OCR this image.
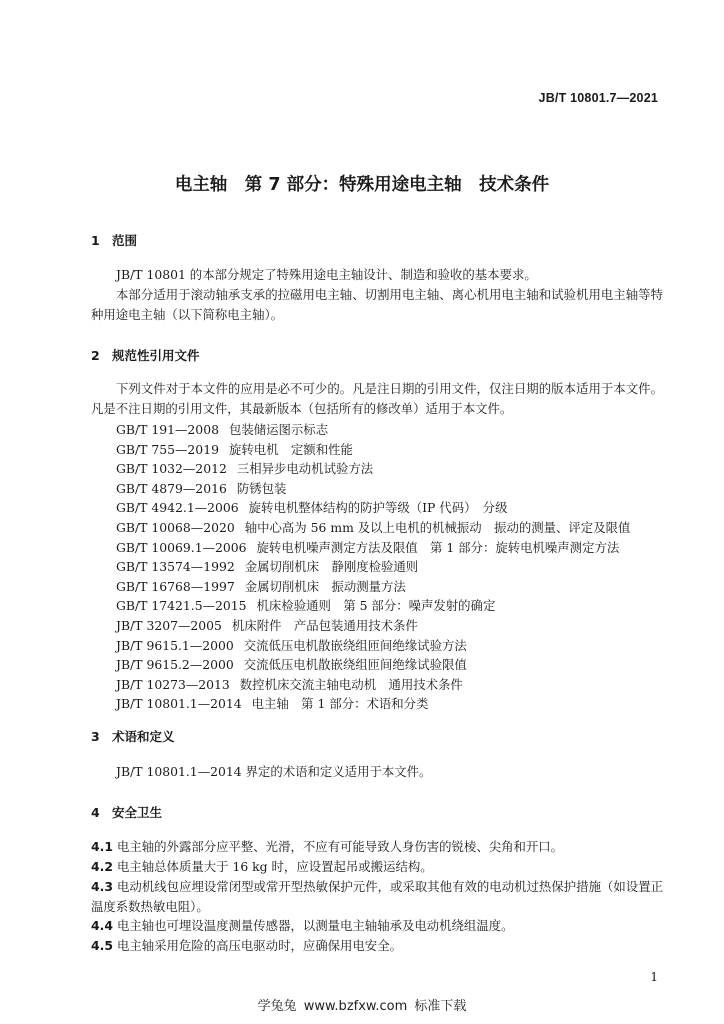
JB/T 10801.7—2021
电主轴　第 7 部分：特殊用途电主轴　技术条件
1 范围

JB/T 10801 的本部分规定了特殊用途电主轴设计、制造和验收的基本要求。

本部分适用于滚动轴承支承的拉磁用电主轴、切割用电主轴、离心机用电主轴和试验机用电主轴等特种用途电主轴（以下简称电主轴）。

2 规范性引用文件

下列文件对于本文件的应用是必不可少的。凡是注日期的引用文件，仅注日期的版本适用于本文件。凡是不注日期的引用文件，其最新版本（包括所有的修改单）适用于本文件。

GB/T 191—2008 包装储运图示标志
GB/T 755—2019 旋转电机　定额和性能
GB/T 1032—2012 三相异步电动机试验方法
GB/T 4879—2016 防锈包装
GB/T 4942.1—2006 旋转电机整体结构的防护等级（IP 代码）　分级
GB/T 10068—2020 轴中心高为 56 mm 及以上电机的机械振动　振动的测量、评定及限值
GB/T 10069.1—2006 旋转电机噪声测定方法及限值　第 1 部分：旋转电机噪声测定方法
GB/T 13574—1992 金属切削机床　静刚度检验通则
GB/T 16768—1997 金属切削机床　振动测量方法
GB/T 17421.5—2015 机床检验通则　第 5 部分：噪声发射的确定
JB/T 3207—2005 机床附件　产品包装通用技术条件
JB/T 9615.1—2000 交流低压电机散嵌绕组匝间绝缘试验方法
JB/T 9615.2—2000 交流低压电机散嵌绕组匝间绝缘试验限值
JB/T 10273—2013 数控机床交流主轴电动机　通用技术条件
JB/T 10801.1—2014 电主轴　第 1 部分：术语和分类
3 术语和定义

JB/T 10801.1—2014 界定的术语和定义适用于本文件。

4 安全卫生

4.1 电主轴的外露部分应平整、光滑，不应有可能导致人身伤害的锐棱、尖角和开口。

4.2 电主轴总体质量大于 16 kg 时，应设置起吊或搬运结构。

4.3 电动机线包应埋设常闭型或常开型热敏保护元件，或采取其他有效的电动机过热保护措施（如设置正温度系数热敏电阻）。

4.4 电主轴也可埋设温度测量传感器，以测量电主轴轴承及电动机绕组温度。

4.5 电主轴采用危险的高压电驱动时，应确保用电安全。

1
学兔兔 www.bzfxw.com 标准下载
